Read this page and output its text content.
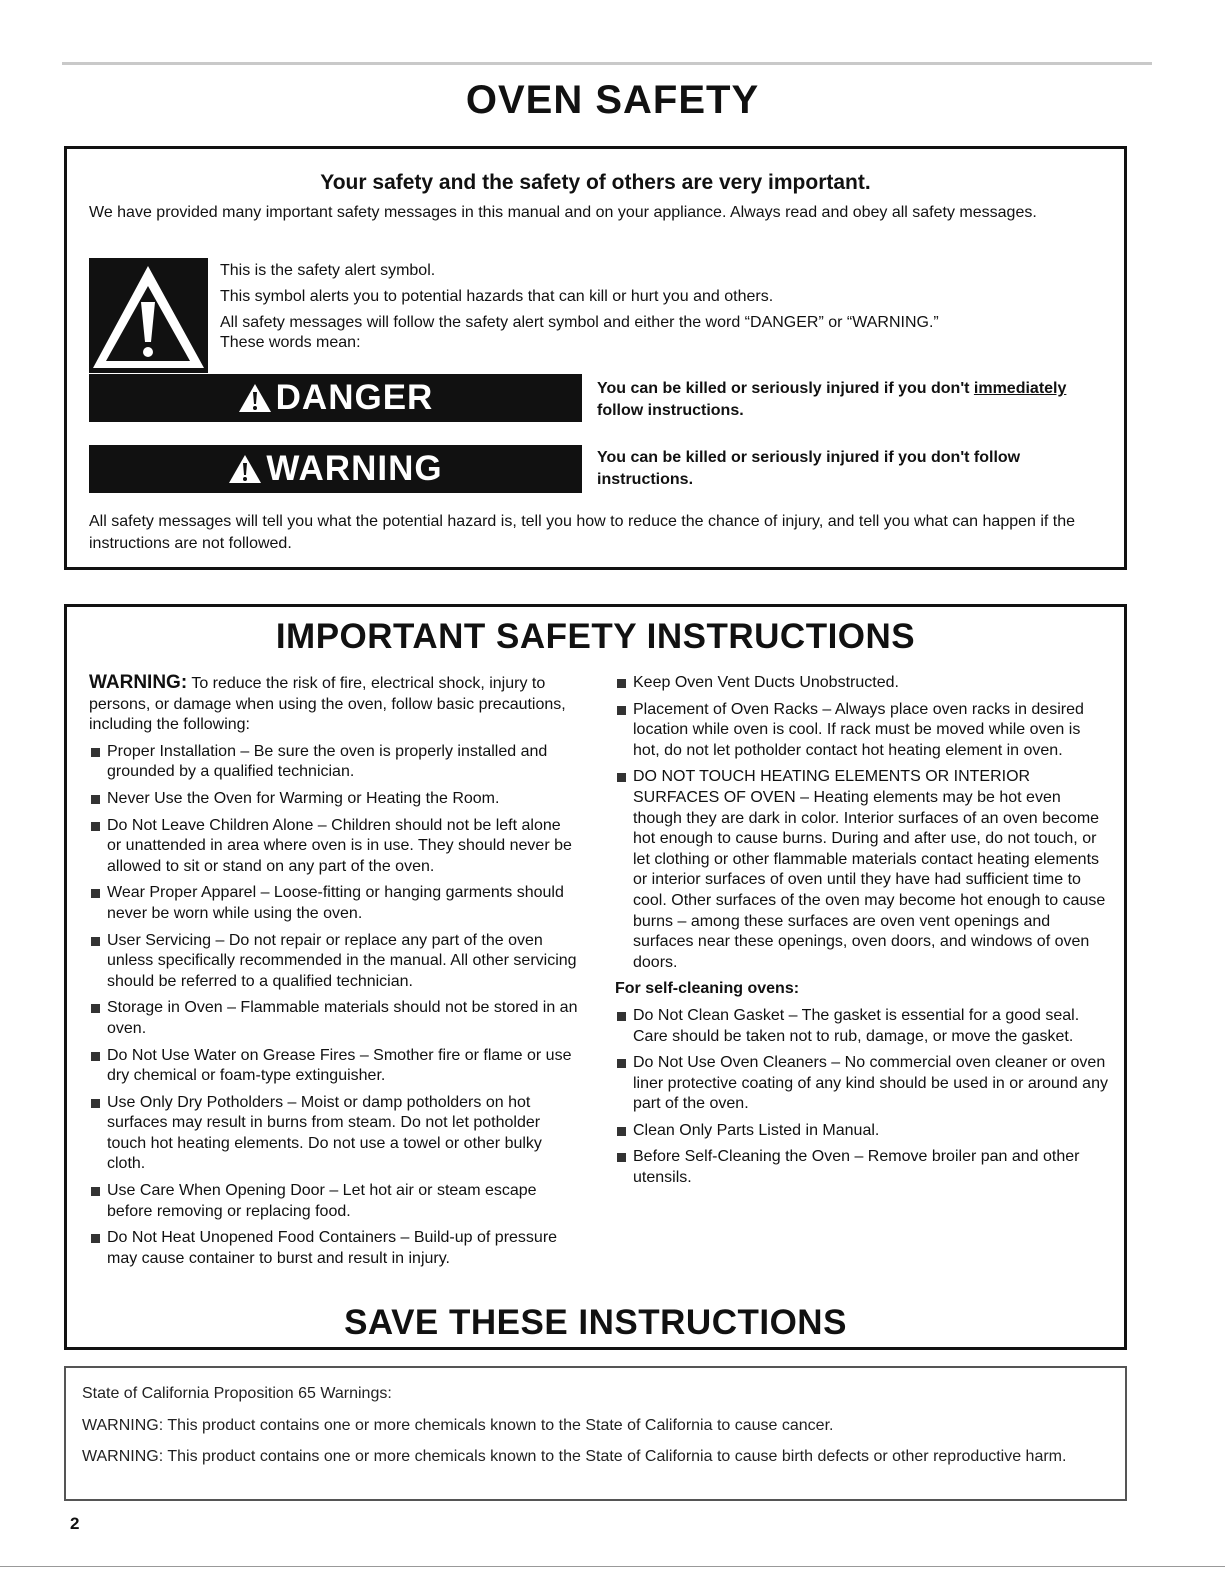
OVEN SAFETY
Your safety and the safety of others are very important.
We have provided many important safety messages in this manual and on your appliance. Always read and obey all safety messages.
This is the safety alert symbol.
This symbol alerts you to potential hazards that can kill or hurt you and others.
All safety messages will follow the safety alert symbol and either the word “DANGER” or “WARNING.”
These words mean:
DANGER	You can be killed or seriously injured if you don't immediately follow instructions.
WARNING	You can be killed or seriously injured if you don't follow instructions.
All safety messages will tell you what the potential hazard is, tell you how to reduce the chance of injury, and tell you what can happen if the instructions are not followed.
IMPORTANT SAFETY INSTRUCTIONS

WARNING: To reduce the risk of fire, electrical shock, injury to persons, or damage when using the oven, follow basic precautions, including the following:

Proper Installation – Be sure the oven is properly installed and grounded by a qualified technician.
Never Use the Oven for Warming or Heating the Room.
Do Not Leave Children Alone – Children should not be left alone or unattended in area where oven is in use. They should never be allowed to sit or stand on any part of the oven.
Wear Proper Apparel – Loose-fitting or hanging garments should never be worn while using the oven.
User Servicing – Do not repair or replace any part of the oven unless specifically recommended in the manual. All other servicing should be referred to a qualified technician.
Storage in Oven – Flammable materials should not be stored in an oven.
Do Not Use Water on Grease Fires – Smother fire or flame or use dry chemical or foam-type extinguisher.
Use Only Dry Potholders – Moist or damp potholders on hot surfaces may result in burns from steam. Do not let potholder touch hot heating elements. Do not use a towel or other bulky cloth.
Use Care When Opening Door – Let hot air or steam escape before removing or replacing food.
Do Not Heat Unopened Food Containers – Build-up of pressure may cause container to burst and result in injury.
Keep Oven Vent Ducts Unobstructed.
Placement of Oven Racks – Always place oven racks in desired location while oven is cool. If rack must be moved while oven is hot, do not let potholder contact hot heating element in oven.
DO NOT TOUCH HEATING ELEMENTS OR INTERIOR SURFACES OF OVEN – Heating elements may be hot even though they are dark in color. Interior surfaces of an oven become hot enough to cause burns. During and after use, do not touch, or let clothing or other flammable materials contact heating elements or interior surfaces of oven until they have had sufficient time to cool. Other surfaces of the oven may become hot enough to cause burns – among these surfaces are oven vent openings and surfaces near these openings, oven doors, and windows of oven doors.
For self-cleaning ovens:
Do Not Clean Gasket – The gasket is essential for a good seal. Care should be taken not to rub, damage, or move the gasket.
Do Not Use Oven Cleaners – No commercial oven cleaner or oven liner protective coating of any kind should be used in or around any part of the oven.
Clean Only Parts Listed in Manual.
Before Self-Cleaning the Oven – Remove broiler pan and other utensils.
SAVE THESE INSTRUCTIONS
State of California Proposition 65 Warnings:
WARNING: This product contains one or more chemicals known to the State of California to cause cancer.
WARNING: This product contains one or more chemicals known to the State of California to cause birth defects or other reproductive harm.
2
